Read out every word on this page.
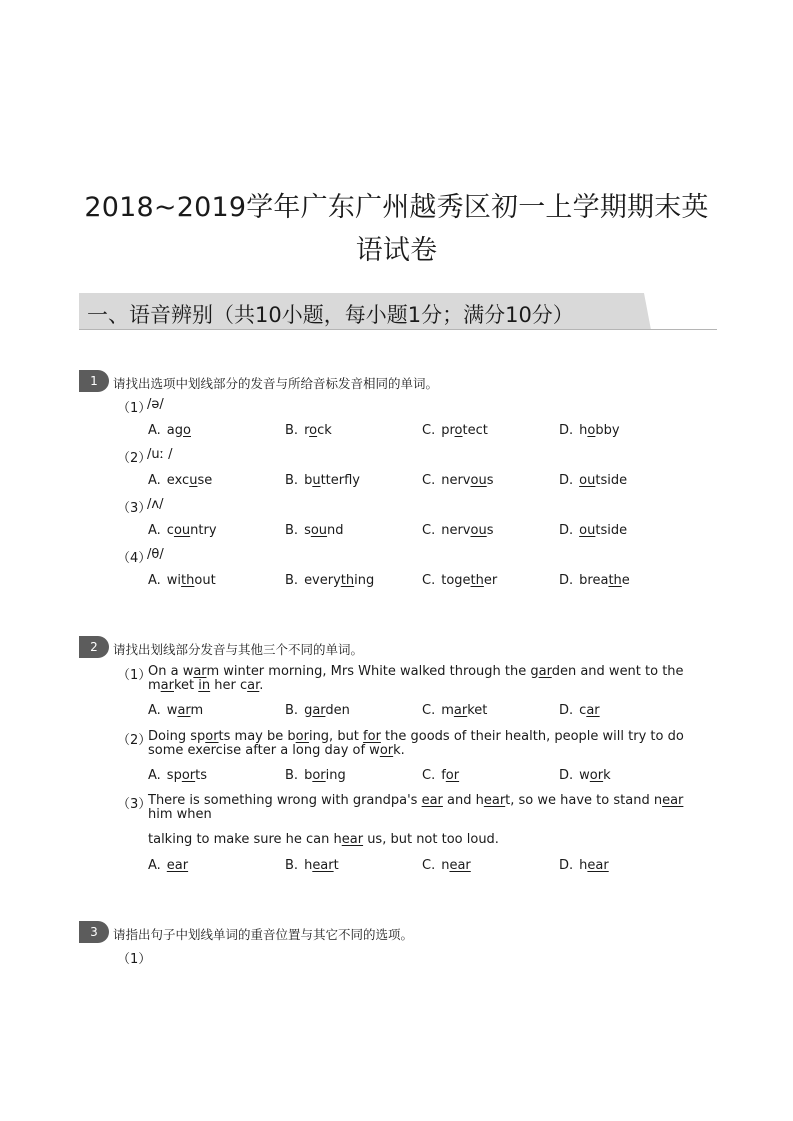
2018~2019学年广东广州越秀区初一上学期期末英
语试卷
一、语音辨别（共10小题，每小题1分；满分10分）
1	请找出选项中划线部分的发音与所给音标发音相同的单词。
（1）
/ə/
A. ago	B. rock	C. protect	D. hobby
（2）
/uː /
A. excuse	B. butterfly	C. nervous	D. outside
（3）
/ʌ/
A. country	B. sound	C. nervous	D. outside
（4）
/θ/
A. without	B. everything	C. together	D. breathe
2	请找出划线部分发音与其他三个不同的单词。
（1）
On a warm winter morning, Mrs White walked through the garden and went to the market in her car.
A. warm	B. garden	C. market	D. car
（2）
Doing sports may be boring, but for the goods of their health, people will try to do some exercise after a long day of work.
A. sports	B. boring	C. for	D. work
（3）
There is something wrong with grandpa's ear and heart, so we have to stand near him when
talking to make sure he can hear us, but not too loud.
A. ear	B. heart	C. near	D. hear
3	请指出句子中划线单词的重音位置与其它不同的选项。
（1）
